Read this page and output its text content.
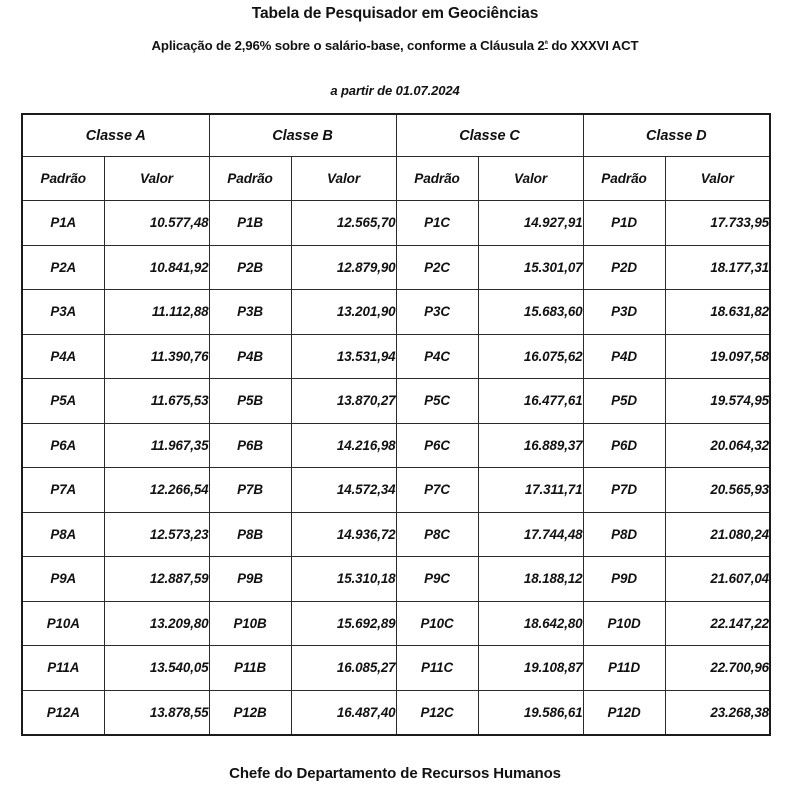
Tabela de Pesquisador em Geociências
Aplicação de 2,96% sobre o salário-base, conforme a Cláusula $2^ª$ do XXXVI ACT
a partir de 01.07.2024
Classe A		Classe B		Classe C		Classe D	
Padrão	Valor	Padrão	Valor	Padrão	Valor	Padrão	Valor
P1A	10.577,48	P1B	12.565,70	P1C	14.927,91	P1D	17.733,95
P2A	10.841,92	P2B	12.879,90	P2C	15.301,07	P2D	18.177,31
P3A	11.112,88	P3B	13.201,90	P3C	15.683,60	P3D	18.631,82
P4A	11.390,76	P4B	13.531,94	P4C	16.075,62	P4D	19.097,58
P5A	11.675,53	P5B	13.870,27	P5C	16.477,61	P5D	19.574,95
P6A	11.967,35	P6B	14.216,98	P6C	16.889,37	P6D	20.064,32
P7A	12.266,54	P7B	14.572,34	P7C	17.311,71	P7D	20.565,93
P8A	12.573,23	P8B	14.936,72	P8C	17.744,48	P8D	21.080,24
P9A	12.887,59	P9B	15.310,18	P9C	18.188,12	P9D	21.607,04
P10A	13.209,80	P10B	15.692,89	P10C	18.642,80	P10D	22.147,22
P11A	13.540,05	P11B	16.085,27	P11C	19.108,87	P11D	22.700,96
P12A	13.878,55	P12B	16.487,40	P12C	19.586,61	P12D	23.268,38
Chefe do Departamento de Recursos Humanos
